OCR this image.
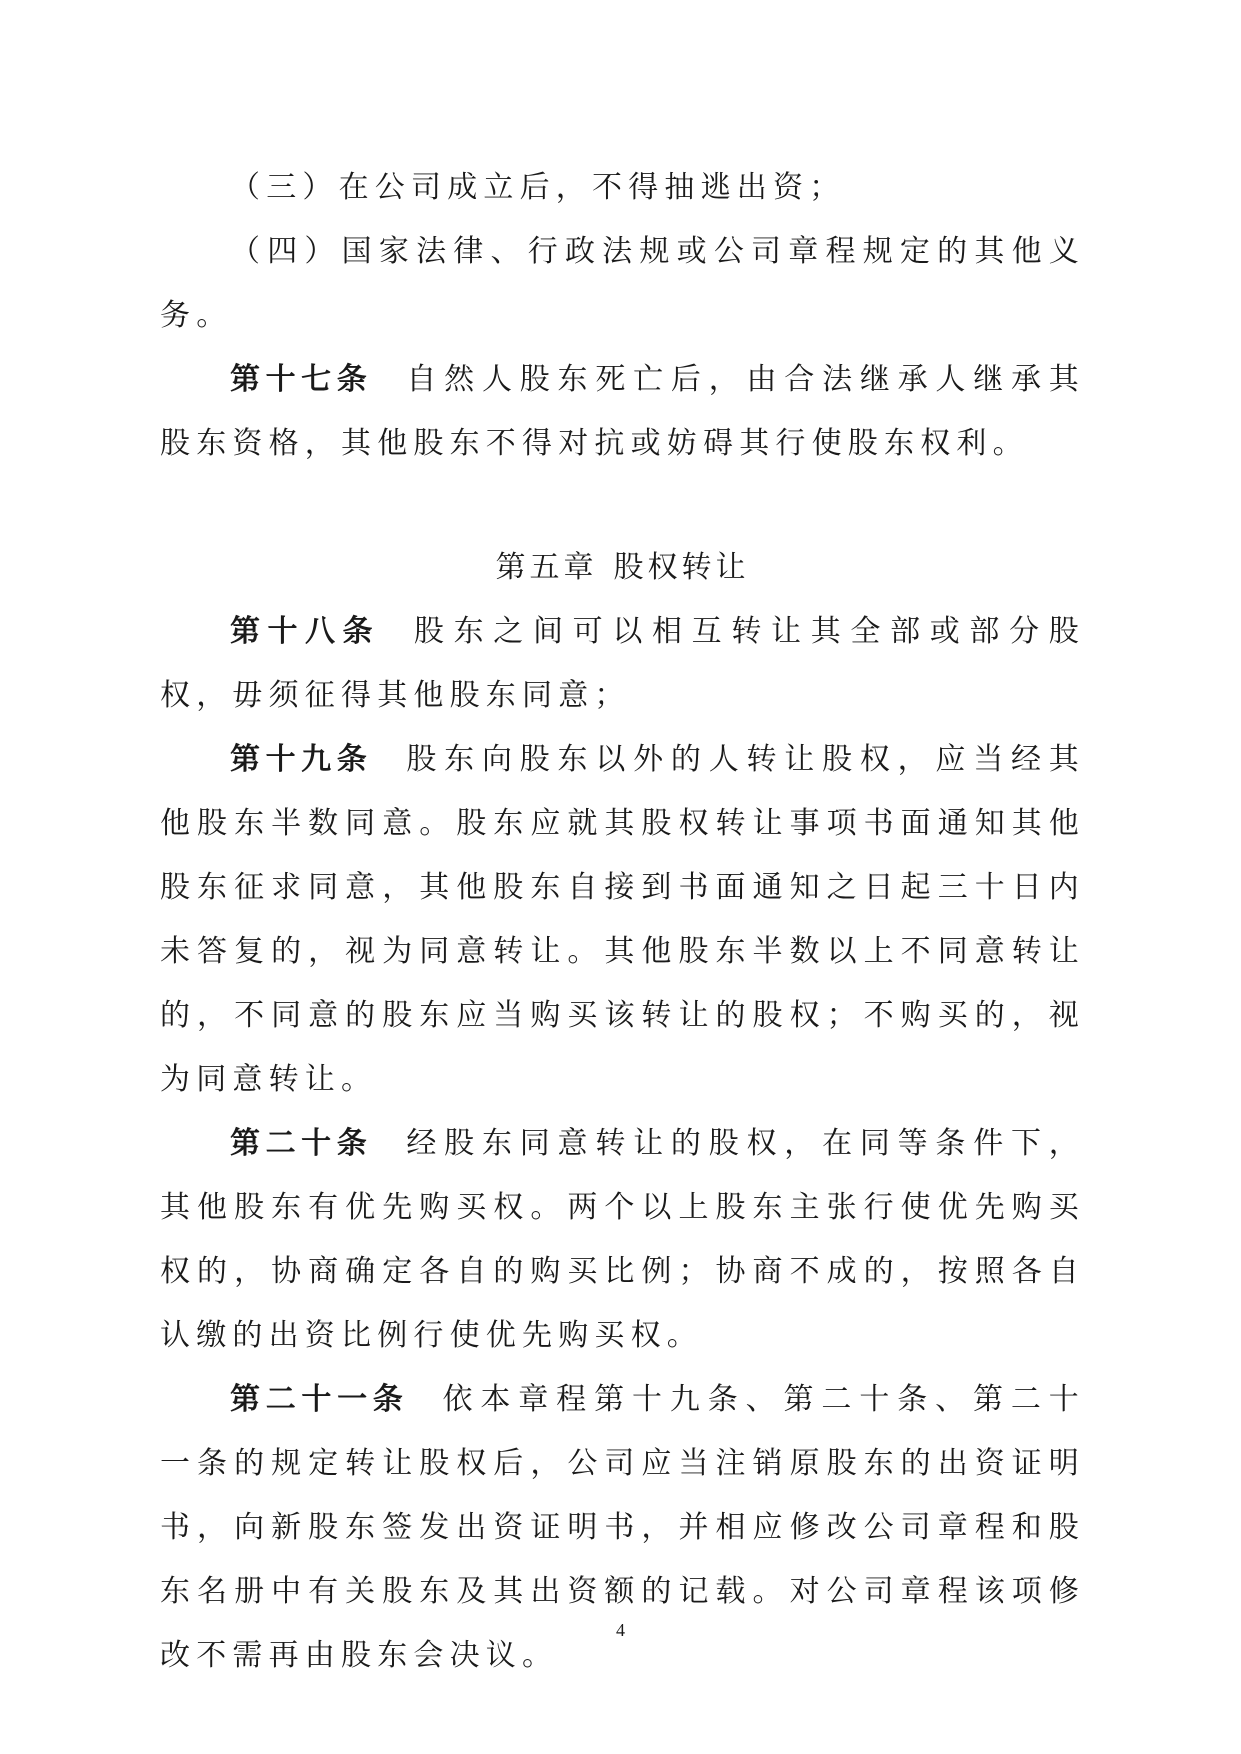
（三）在公司成立后，不得抽逃出资；

（四）国家法律、行政法规或公司章程规定的其他义务。

第十七条 自然人股东死亡后，由合法继承人继承其股东资格，其他股东不得对抗或妨碍其行使股东权利。

第五章 股权转让

第十八条 股东之间可以相互转让其全部或部分股权，毋须征得其他股东同意；

第十九条 股东向股东以外的人转让股权，应当经其他股东半数同意。股东应就其股权转让事项书面通知其他股东征求同意，其他股东自接到书面通知之日起三十日内未答复的，视为同意转让。其他股东半数以上不同意转让的，不同意的股东应当购买该转让的股权；不购买的，视为同意转让。

第二十条 经股东同意转让的股权，在同等条件下，其他股东有优先购买权。两个以上股东主张行使优先购买权的，协商确定各自的购买比例；协商不成的，按照各自认缴的出资比例行使优先购买权。

第二十一条 依本章程第十九条、第二十条、第二十一条的规定转让股权后，公司应当注销原股东的出资证明书，向新股东签发出资证明书，并相应修改公司章程和股东名册中有关股东及其出资额的记载。对公司章程该项修改不需再由股东会决议。

4
